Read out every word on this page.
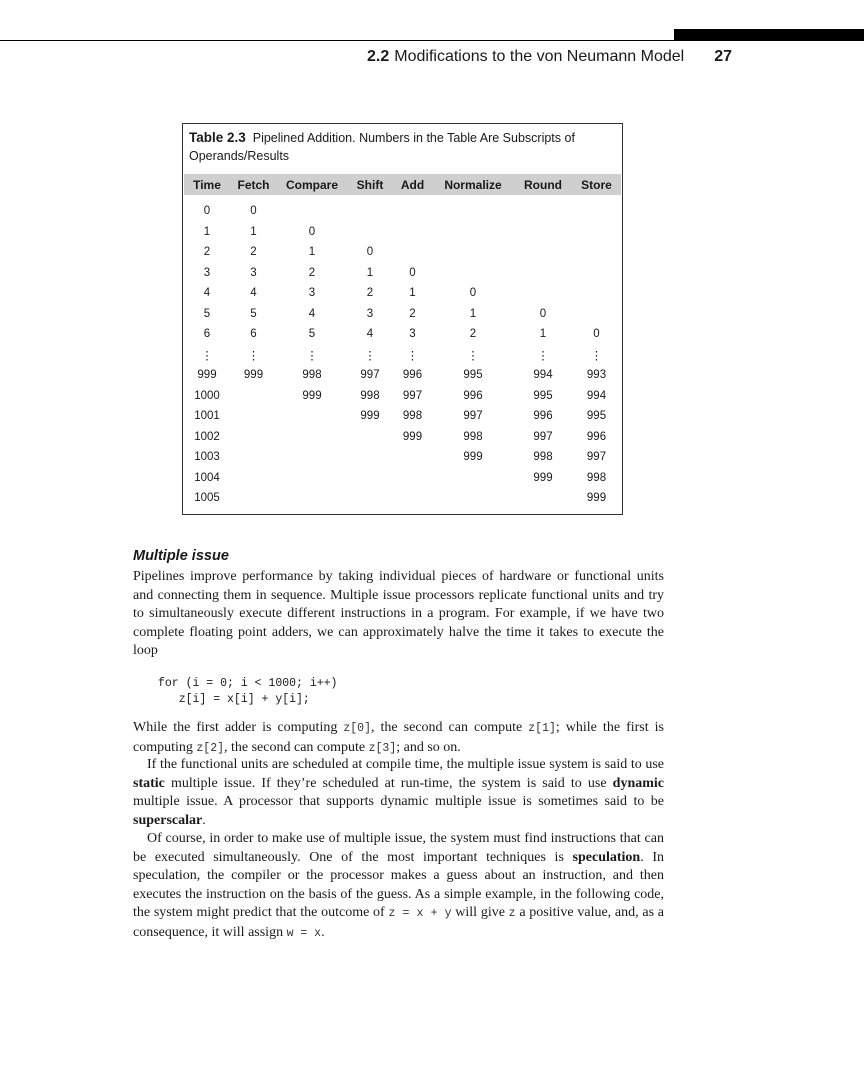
2.2 Modifications to the von Neumann Model 27
Table 2.3 Pipelined Addition. Numbers in the Table Are Subscripts of Operands/Results
Time	Fetch	Compare	Shift	Add	Normalize	Round	Store
0	0						
1	1	0					
2	2	1	0				
3	3	2	1	0			
4	4	3	2	1	0		
5	5	4	3	2	1	0	
6	6	5	4	3	2	1	0
⋮	⋮	⋮	⋮	⋮	⋮	⋮	⋮
999	999	998	997	996	995	994	993
1000		999	998	997	996	995	994
1001			999	998	997	996	995
1002				999	998	997	996
1003					999	998	997
1004						999	998
1005							999
Multiple issue

Pipelines improve performance by taking individual pieces of hardware or functional units and connecting them in sequence. Multiple issue processors replicate functional units and try to simultaneously execute different instructions in a program. For example, if we have two complete floating point adders, we can approximately halve the time it takes to execute the loop

for (i = 0; i < 1000; i++)
z[i] = x[i] + y[i];

While the first adder is computing z[0], the second can compute z[1]; while the first is computing z[2], the second can compute z[3]; and so on.

If the functional units are scheduled at compile time, the multiple issue system is said to use static multiple issue. If they’re scheduled at run-time, the system is said to use dynamic multiple issue. A processor that supports dynamic multiple issue is sometimes said to be superscalar.

Of course, in order to make use of multiple issue, the system must find instructions that can be executed simultaneously. One of the most important techniques is speculation. In speculation, the compiler or the processor makes a guess about an instruction, and then executes the instruction on the basis of the guess. As a simple example, in the following code, the system might predict that the outcome of z = x + y will give z a positive value, and, as a consequence, it will assign w = x.
